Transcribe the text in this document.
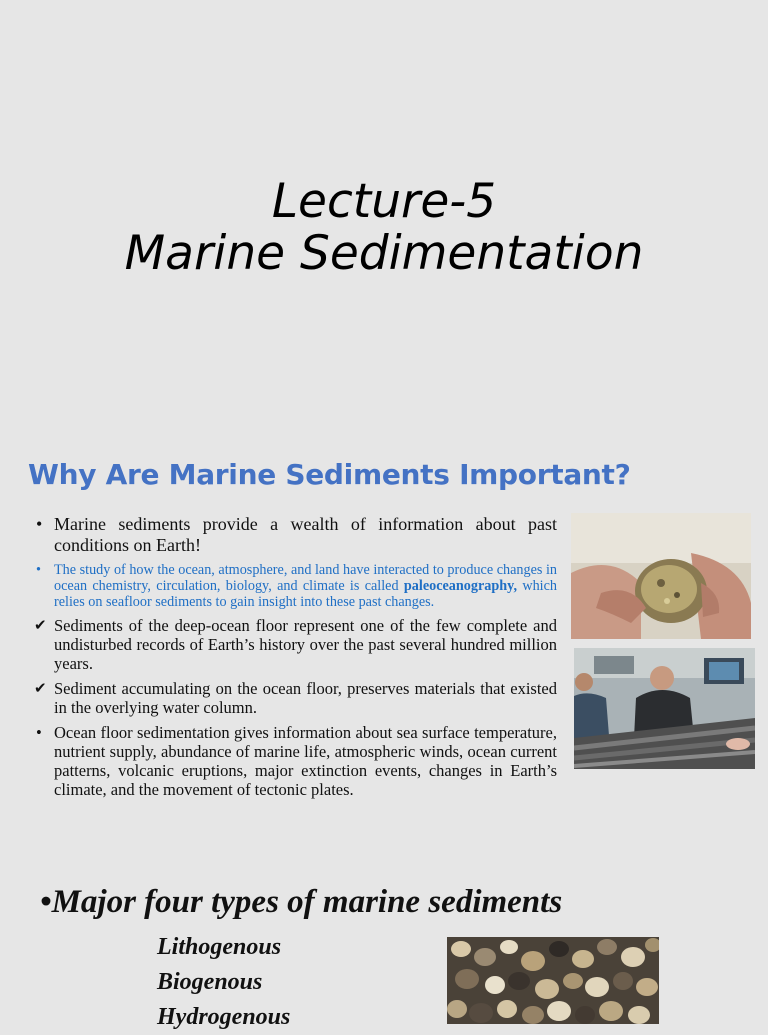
Lecture-5
Marine Sedimentation
Why Are Marine Sediments Important?
• Marine sediments provide a wealth of information about past conditions on Earth!
• The study of how the ocean, atmosphere, and land have interacted to produce changes in ocean chemistry, circulation, biology, and climate is called paleoceanography, which relies on seafloor sediments to gain insight into these past changes.
✔ Sediments of the deep-ocean floor represent one of the few complete and undisturbed records of Earth’s history over the past several hundred million years.
✔ Sediment accumulating on the ocean floor, preserves materials that existed in the overlying water column.
• Ocean floor sedimentation gives information about sea surface temperature, nutrient supply, abundance of marine life, atmospheric winds, ocean current patterns, volcanic eruptions, major extinction events, changes in Earth’s climate, and the movement of tectonic plates.
•Major four types of marine sediments
Lithogenous
Biogenous
Hydrogenous
